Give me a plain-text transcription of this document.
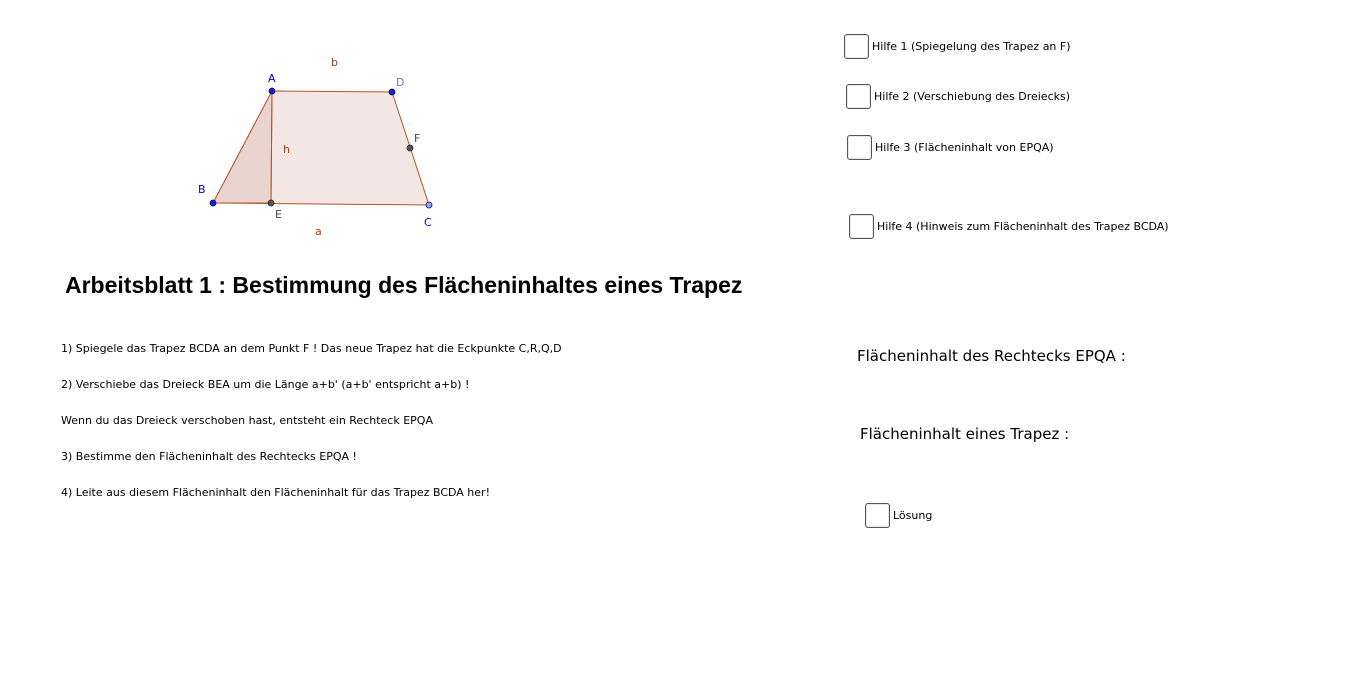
A
B
C
D
E
F
b
a
h
Arbeitsblatt 1 : Bestimmung des Flächeninhaltes eines Trapez
1) Spiegele das Trapez BCDA an dem Punkt F ! Das neue Trapez hat die Eckpunkte C,R,Q,D
2) Verschiebe das Dreieck BEA um die Länge a+b' (a+b' entspricht a+b) !
Wenn du das Dreieck verschoben hast, entsteht ein Rechteck EPQA
3) Bestimme den Flächeninhalt des Rechtecks EPQA !
4) Leite aus diesem Flächeninhalt den Flächeninhalt für das Trapez BCDA her!
Hilfe 1 (Spiegelung des Trapez an F)
Hilfe 2 (Verschiebung des Dreiecks)
Hilfe 3 (Flächeninhalt von EPQA)
Hilfe 4 (Hinweis zum Flächeninhalt des Trapez BCDA)
Flächeninhalt des Rechtecks EPQA :
Flächeninhalt eines Trapez :
Lösung
